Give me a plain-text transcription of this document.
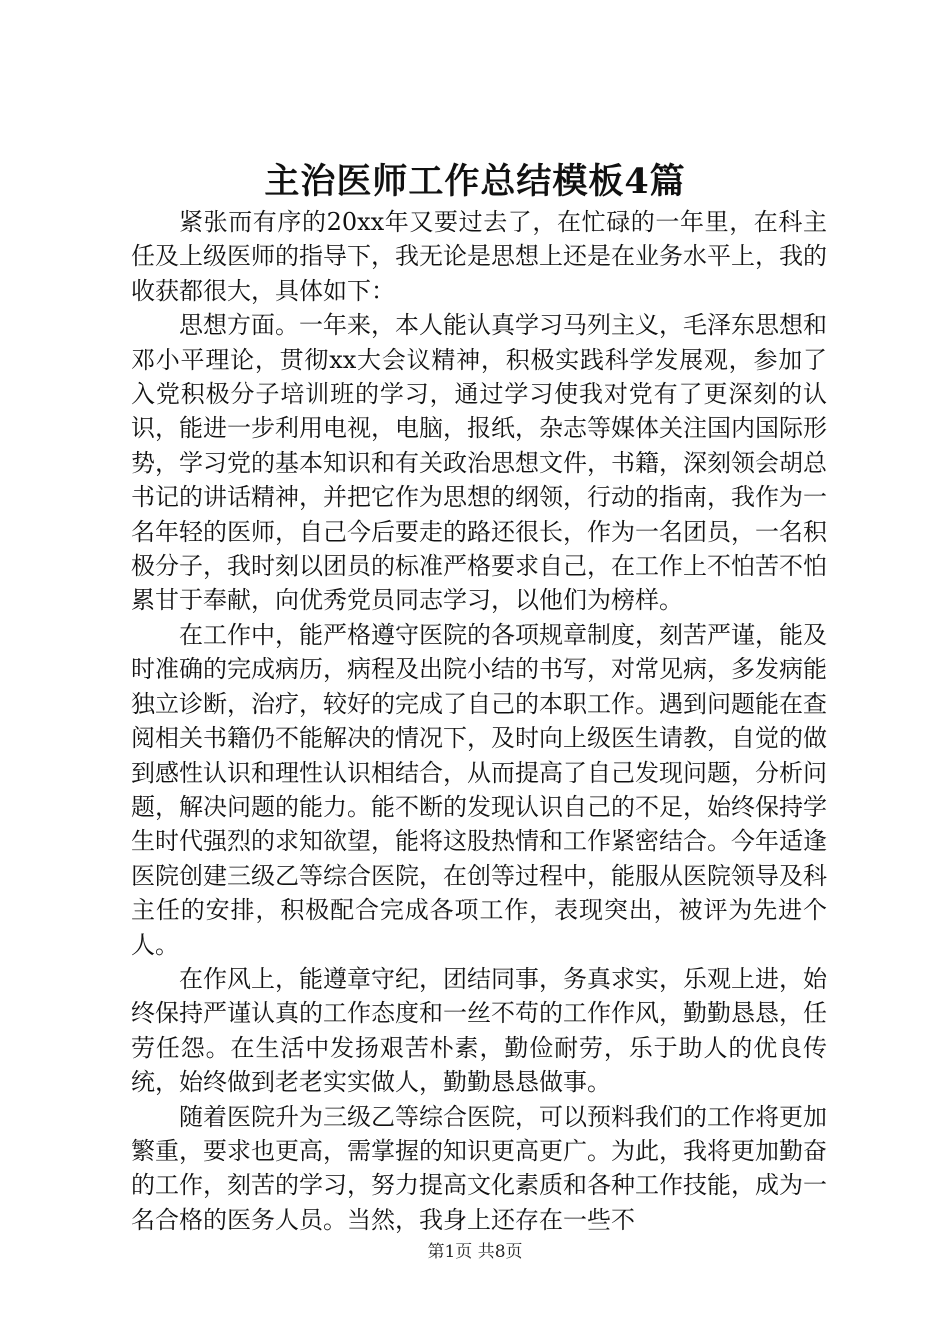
主治医师工作总结模板4篇

紧张而有序的20xx年又要过去了，在忙碌的一年里，在科主任及上级医师的指导下，我无论是思想上还是在业务水平上，我的收获都很大，具体如下：

思想方面。一年来，本人能认真学习马列主义，毛泽东思想和邓小平理论，贯彻xx大会议精神，积极实践科学发展观，参加了入党积极分子培训班的学习，通过学习使我对党有了更深刻的认识，能进一步利用电视，电脑，报纸，杂志等媒体关注国内国际形势，学习党的基本知识和有关政治思想文件，书籍，深刻领会胡总书记的讲话精神，并把它作为思想的纲领，行动的指南，我作为一名年轻的医师，自己今后要走的路还很长，作为一名团员，一名积极分子，我时刻以团员的标准严格要求自己，在工作上不怕苦不怕累甘于奉献，向优秀党员同志学习，以他们为榜样。

在工作中，能严格遵守医院的各项规章制度，刻苦严谨，能及时准确的完成病历，病程及出院小结的书写，对常见病，多发病能独立诊断，治疗，较好的完成了自己的本职工作。遇到问题能在查阅相关书籍仍不能解决的情况下，及时向上级医生请教，自觉的做到感性认识和理性认识相结合，从而提高了自己发现问题，分析问题，解决问题的能力。能不断的发现认识自己的不足，始终保持学生时代强烈的求知欲望，能将这股热情和工作紧密结合。今年适逢医院创建三级乙等综合医院，在创等过程中，能服从医院领导及科主任的安排，积极配合完成各项工作，表现突出，被评为先进个人。

在作风上，能遵章守纪，团结同事，务真求实，乐观上进，始终保持严谨认真的工作态度和一丝不苟的工作作风，勤勤恳恳，任劳任怨。在生活中发扬艰苦朴素，勤俭耐劳，乐于助人的优良传统，始终做到老老实实做人，勤勤恳恳做事。

随着医院升为三级乙等综合医院，可以预料我们的工作将更加繁重，要求也更高，需掌握的知识更高更广。为此，我将更加勤奋的工作，刻苦的学习，努力提高文化素质和各种工作技能，成为一名合格的医务人员。当然，我身上还存在一些不

第1页 共8页
